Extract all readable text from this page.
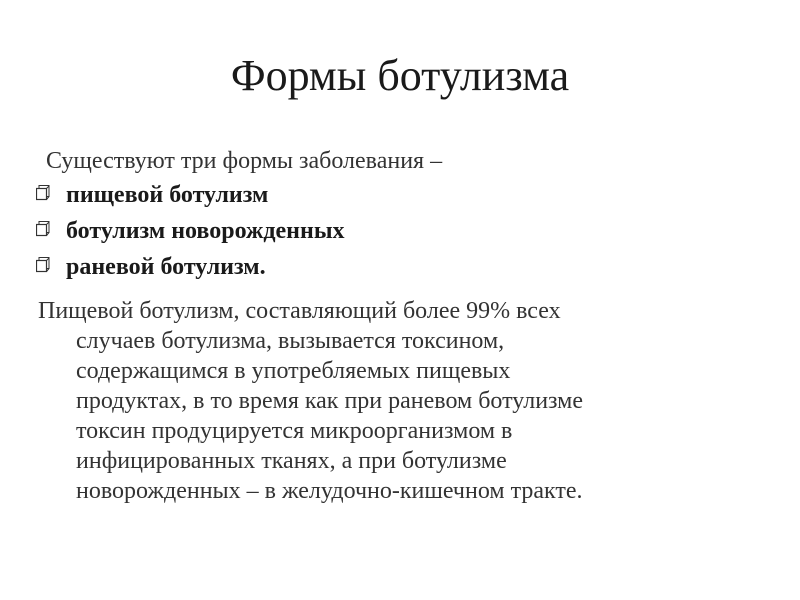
Формы ботулизма
Существуют три формы заболевания –
пищевой ботулизм
ботулизм новорожденных
раневой ботулизм.
Пищевой ботулизм, составляющий более 99% всех
случаев ботулизма, вызывается токсином,
содержащимся в употребляемых пищевых
продуктах, в то время как при раневом ботулизме
токсин продуцируется микроорганизмом в
инфицированных тканях, а при ботулизме
новорожденных – в желудочно-кишечном тракте.
